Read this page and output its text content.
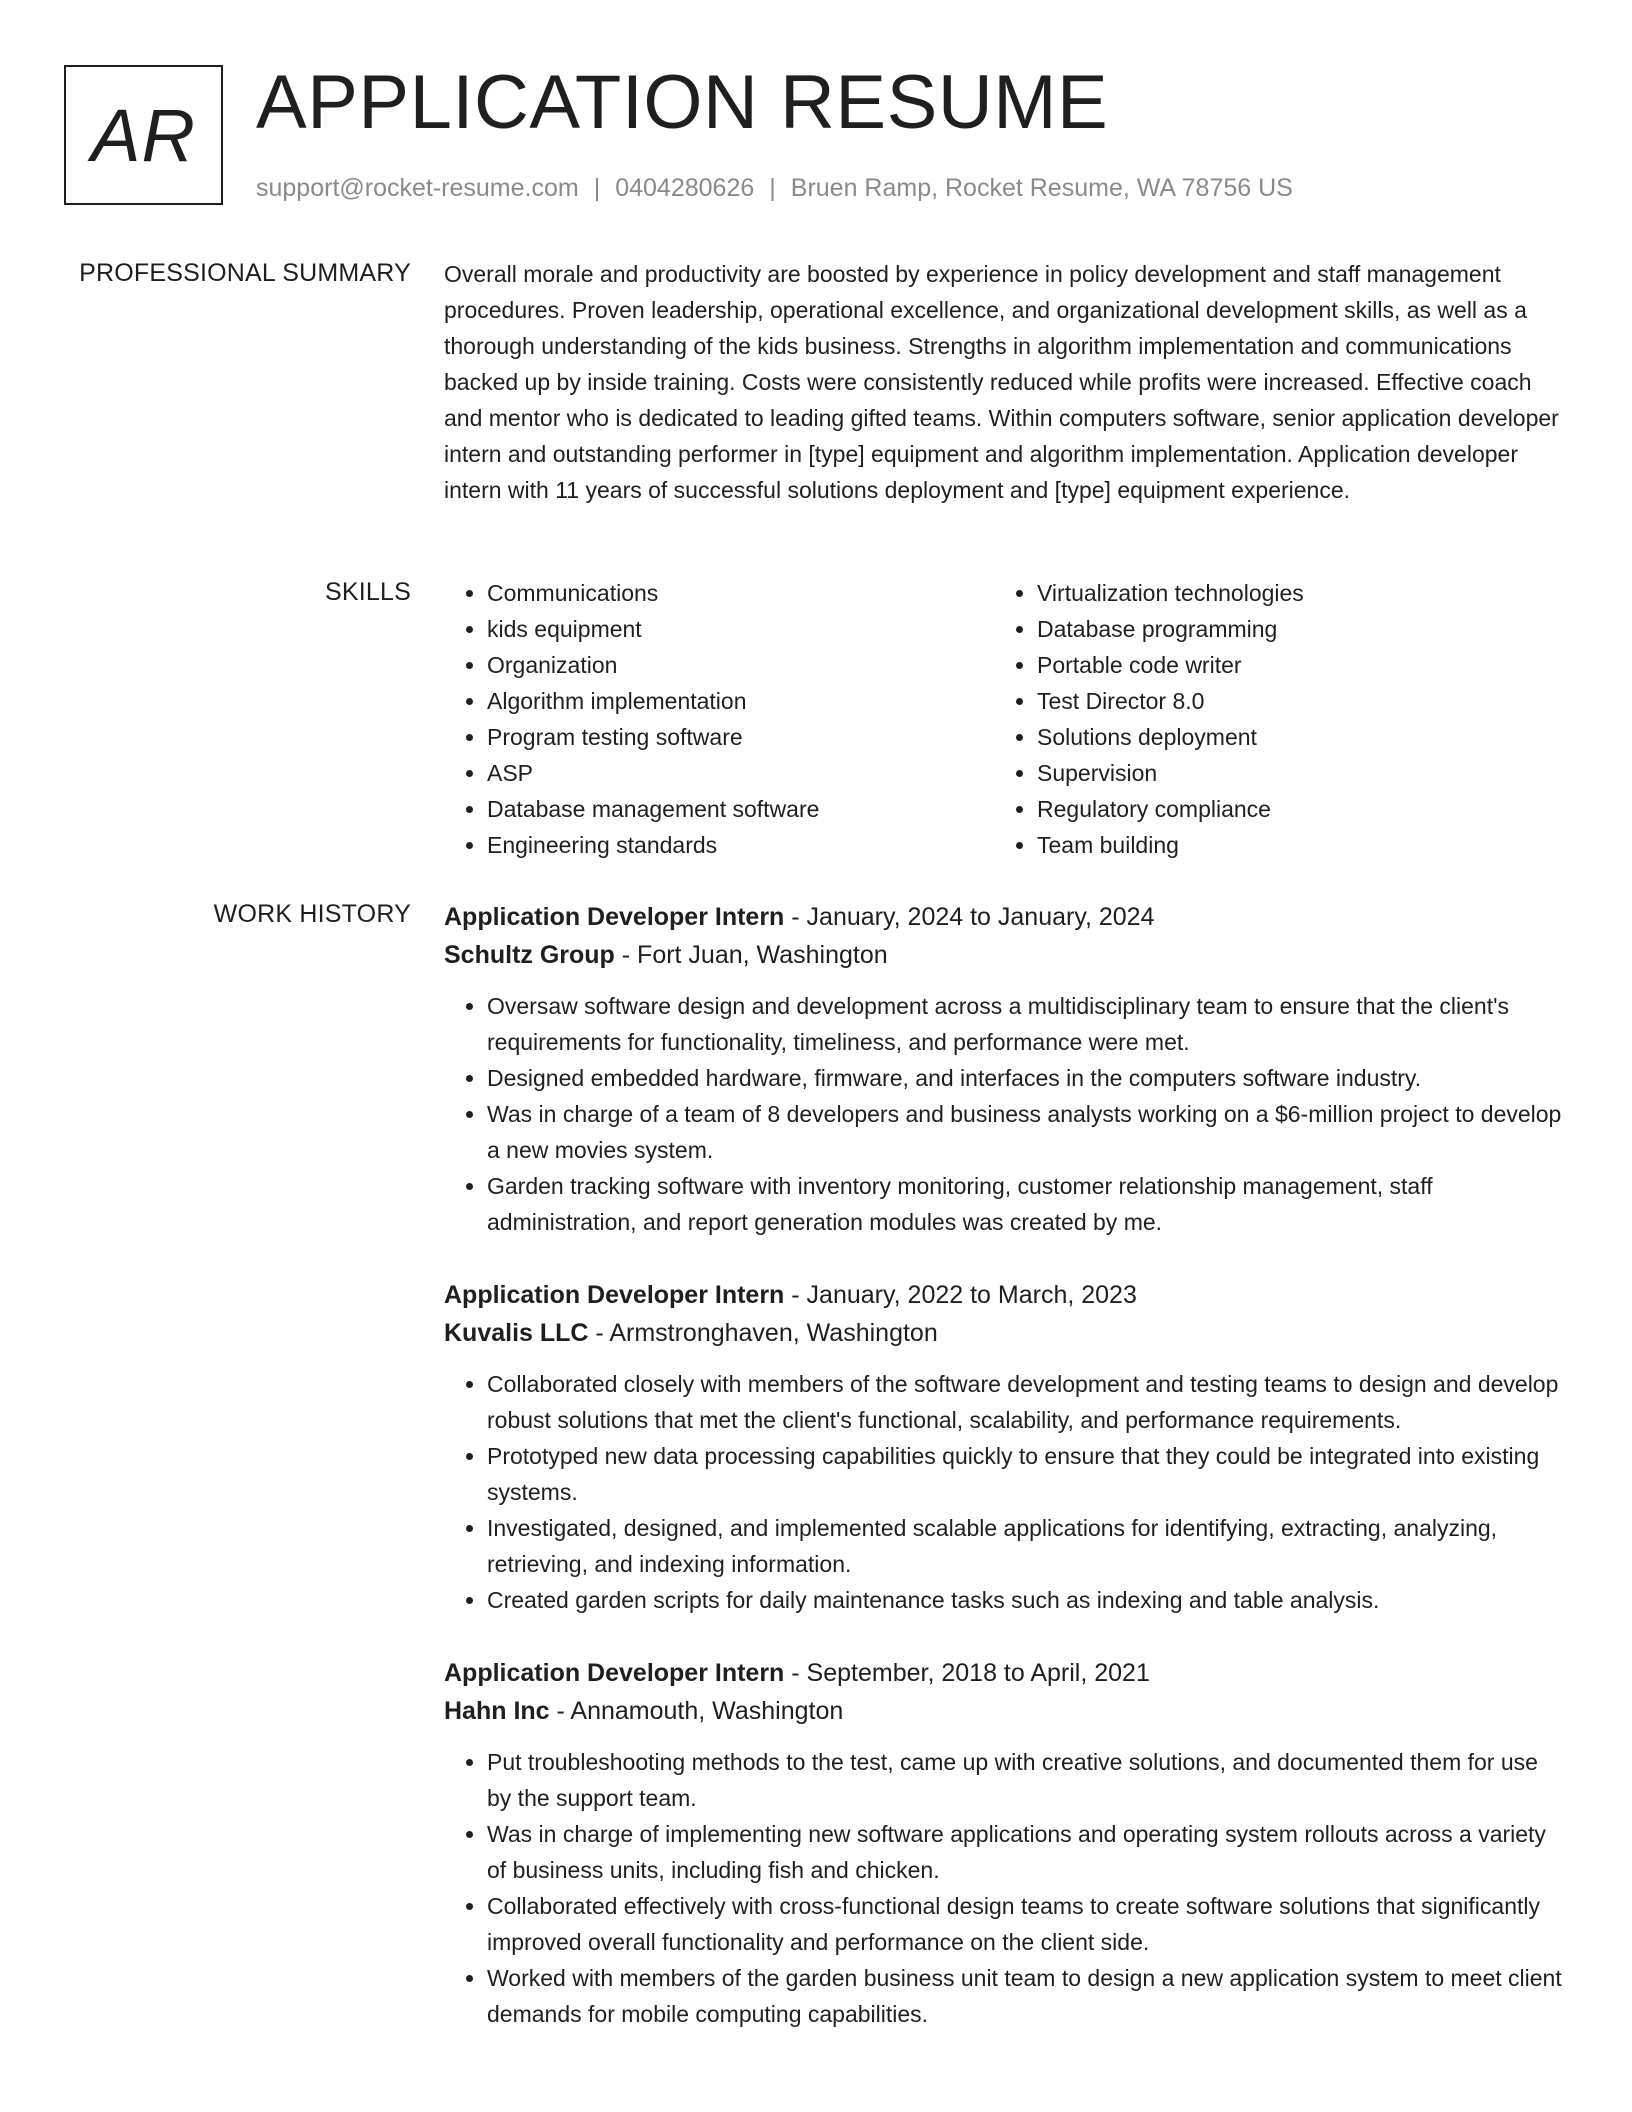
AR APPLICATION RESUME
support@rocket-resume.com | 0404280626 | Bruen Ramp, Rocket Resume, WA 78756 US
PROFESSIONAL SUMMARY Overall morale and productivity are boosted by experience in policy development and staff management procedures. Proven leadership, operational excellence, and organizational development skills, as well as a thorough understanding of the kids business. Strengths in algorithm implementation and communications backed up by inside training. Costs were consistently reduced while profits were increased. Effective coach and mentor who is dedicated to leading gifted teams. Within computers software, senior application developer intern and outstanding performer in [type] equipment and algorithm implementation. Application developer intern with 11 years of successful solutions deployment and [type] equipment experience.

SKILLS
•	Communications
• kids equipment
• Organization
• Algorithm implementation
• Program testing software
• ASP
• Database management software
• Engineering standards
• Virtualization technologies
• Database programming
• Portable code writer
• Test Director 8.0
• Solutions deployment
• Supervision
• Regulatory compliance
• Team building
WORK HISTORY Application Developer Intern - January, 2024 to January, 2024
Schultz Group - Fort Juan, Washington
• Oversaw software design and development across a multidisciplinary team to ensure that the client's requirements for functionality, timeliness, and performance were met.
• Designed embedded hardware, firmware, and interfaces in the computers software industry.
• Was in charge of a team of 8 developers and business analysts working on a $6-million project to develop a new movies system.
• Garden tracking software with inventory monitoring, customer relationship management, staff administration, and report generation modules was created by me.
Application Developer Intern - January, 2022 to March, 2023
Kuvalis LLC - Armstronghaven, Washington
• Collaborated closely with members of the software development and testing teams to design and develop robust solutions that met the client's functional, scalability, and performance requirements.
• Prototyped new data processing capabilities quickly to ensure that they could be integrated into existing systems.
• Investigated, designed, and implemented scalable applications for identifying, extracting, analyzing, retrieving, and indexing information.
• Created garden scripts for daily maintenance tasks such as indexing and table analysis.
Application Developer Intern - September, 2018 to April, 2021
Hahn Inc - Annamouth, Washington
• Put troubleshooting methods to the test, came up with creative solutions, and documented them for use by the support team.
• Was in charge of implementing new software applications and operating system rollouts across a variety of business units, including fish and chicken.
• Collaborated effectively with cross-functional design teams to create software solutions that significantly improved overall functionality and performance on the client side.
• Worked with members of the garden business unit team to design a new application system to meet client demands for mobile computing capabilities.
